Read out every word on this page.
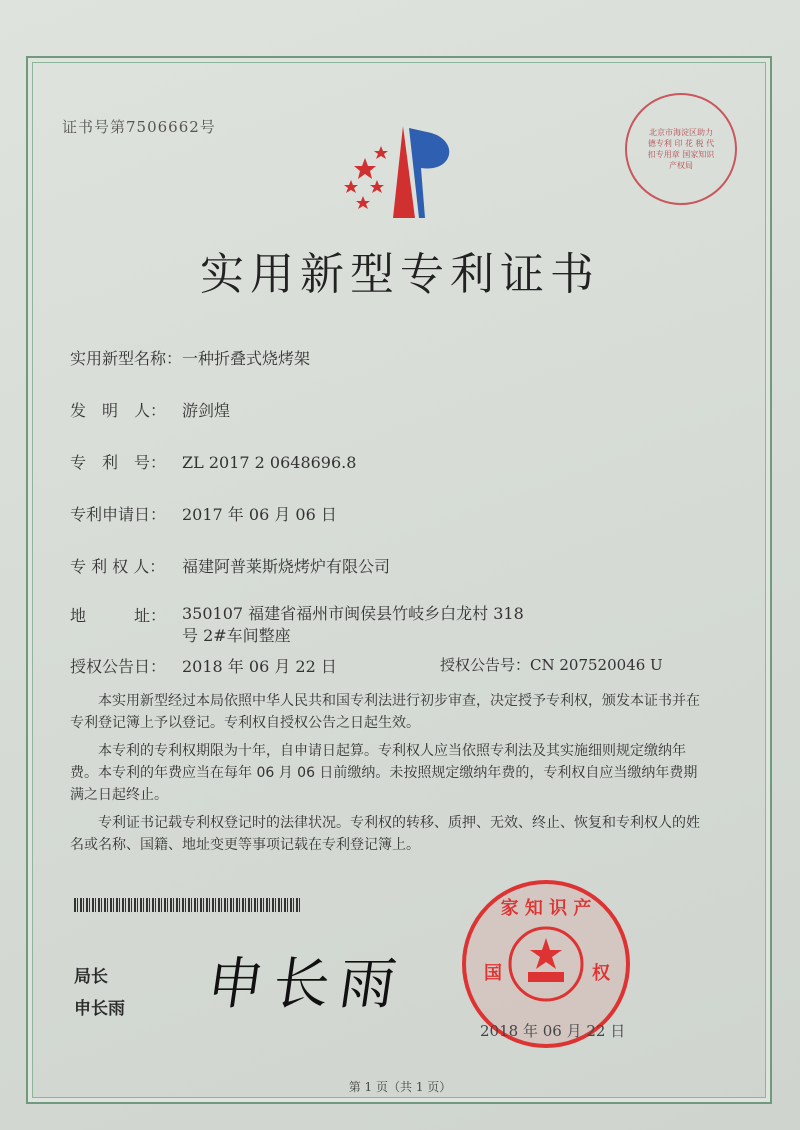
证书号第7506662号	北京市海淀区助力德专利 印 花 税 代扣专用章 国家知识产权局
实用新型专利证书
实用新型名称：一种折叠式烧烤架
发　明　人： 游剑煌
专　利　号： ZL 2017 2 0648696.8
专利申请日： 2017 年 06 月 06 日
专 利 权 人： 福建阿普莱斯烧烤炉有限公司
地　　　址： 350107 福建省福州市闽侯县竹岐乡白龙村 318 号 2#车间整座
授权公告日： 2018 年 06 月 22 日	授权公告号：CN 207520046 U
本实用新型经过本局依照中华人民共和国专利法进行初步审查，决定授予专利权，颁发本证书并在专利登记簿上予以登记。专利权自授权公告之日起生效。
本专利的专利权期限为十年，自申请日起算。专利权人应当依照专利法及其实施细则规定缴纳年费。本专利的年费应当在每年 06 月 06 日前缴纳。未按照规定缴纳年费的，专利权自应当缴纳年费期满之日起终止。
专利证书记载专利权登记时的法律状况。专利权的转移、质押、无效、终止、恢复和专利权人的姓名或名称、国籍、地址变更等事项记载在专利登记簿上。
局长
申长雨 申长雨
家 知 识 产
国	权
2018 年 06 月 22 日
第 1 页（共 1 页）
